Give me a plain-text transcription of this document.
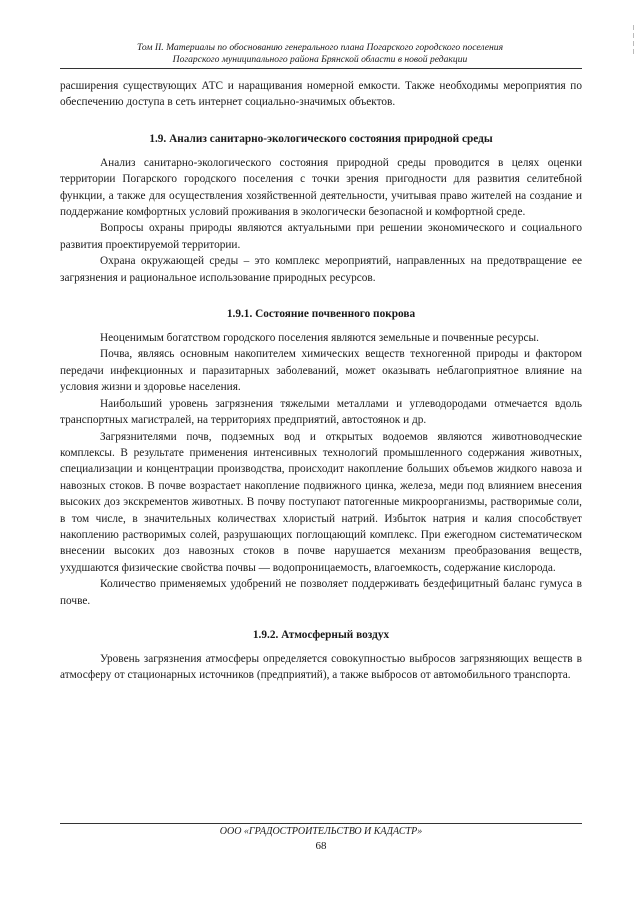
Том II. Материалы по обоснованию генерального плана Погарского городского поселения
Погарского муниципального района Брянской области в новой редакции

расширения существующих АТС и наращивания номерной емкости. Также необходимы мероприятия по обеспечению доступа в сеть интернет социально-значимых объектов.

1.9. Анализ санитарно-экологического состояния природной среды

Анализ санитарно-экологического состояния природной среды проводится в целях оценки территории Погарского городского поселения с точки зрения пригодности для развития селитебной функции, а также для осуществления хозяйственной деятельности, учитывая право жителей на создание и поддержание комфортных условий проживания в экологически безопасной и комфортной среде.

Вопросы охраны природы являются актуальными при решении экономического и социального развития проектируемой территории.

Охрана окружающей среды – это комплекс мероприятий, направленных на предотвращение ее загрязнения и рациональное использование природных ресурсов.

1.9.1. Состояние почвенного покрова

Неоценимым богатством городского поселения являются земельные и почвенные ресурсы.

Почва, являясь основным накопителем химических веществ техногенной природы и фактором передачи инфекционных и паразитарных заболеваний, может оказывать неблагоприятное влияние на условия жизни и здоровье населения.

Наибольший уровень загрязнения тяжелыми металлами и углеводородами отмечается вдоль транспортных магистралей, на территориях предприятий, автостоянок и др.

Загрязнителями почв, подземных вод и открытых водоемов являются животноводческие комплексы. В результате применения интенсивных технологий промышленного содержания животных, специализации и концентрации производства, происходит накопление больших объемов жидкого навоза и навозных стоков. В почве возрастает накопление подвижного цинка, железа, меди под влиянием внесения высоких доз экскрементов животных. В почву поступают патогенные микроорганизмы, растворимые соли, в том числе, в значительных количествах хлористый натрий. Избыток натрия и калия способствует накоплению растворимых солей, разрушающих поглощающий комплекс. При ежегодном систематическом внесении высоких доз навозных стоков в почве нарушается механизм преобразования веществ, ухудшаются физические свойства почвы — водопроницаемость, влагоемкость, содержание кислорода.

Количество применяемых удобрений не позволяет поддерживать бездефицитный баланс гумуса в почве.

1.9.2. Атмосферный воздух

Уровень загрязнения атмосферы определяется совокупностью выбросов загрязняющих веществ в атмосферу от стационарных источников (предприятий), а также выбросов от автомобильного транспорта.

ООО «ГРАДОСТРОИТЕЛЬСТВО И КАДАСТР»
68
